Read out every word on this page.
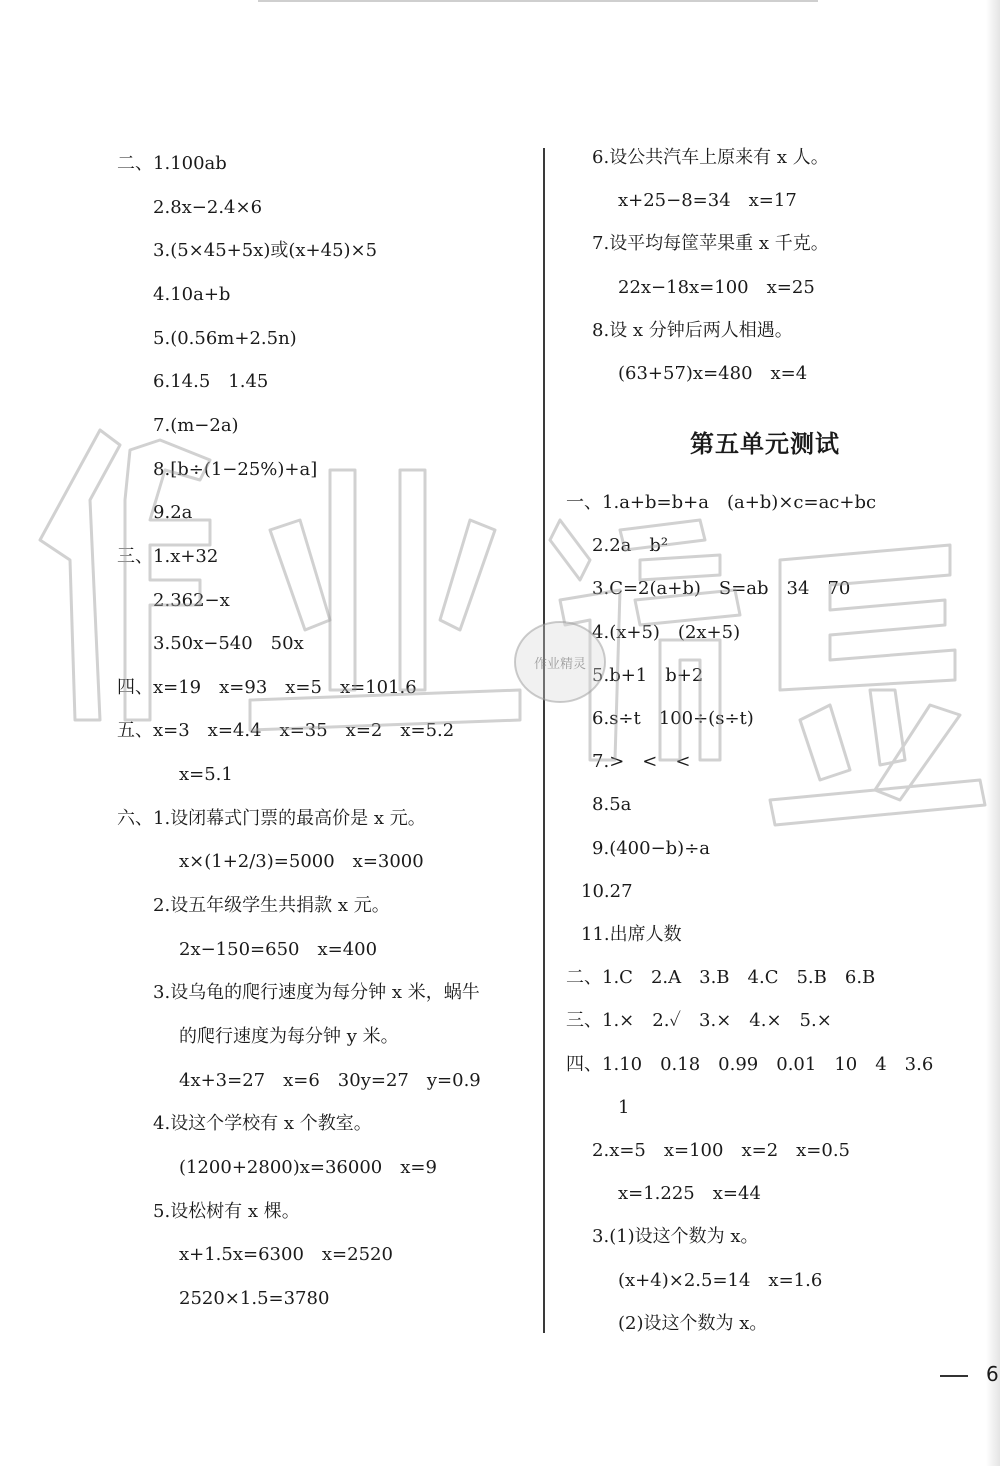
二、1.100ab
2.8x−2.4×6
3.(5×45+5x)或(x+45)×5
4.10a+b
5.(0.56m+2.5n)
6.14.5　1.45
7.(m−2a)
8.[b÷(1−25%)+a]
9.2a
三、1.x+32
2.362−x
3.50x−540　50x
四、x=19　x=93　x=5　x=101.6
五、x=3　x=4.4　x=35　x=2　x=5.2
x=5.1
六、1.设闭幕式门票的最高价是 x 元。
x×(1+2/3)=5000　x=3000
2.设五年级学生共捐款 x 元。
2x−150=650　x=400
3.设乌龟的爬行速度为每分钟 x 米，蜗牛
的爬行速度为每分钟 y 米。
4x+3=27　x=6　30y=27　y=0.9
4.设这个学校有 x 个教室。
(1200+2800)x=36000　x=9
5.设松树有 x 棵。
x+1.5x=6300　x=2520
2520×1.5=3780
6.设公共汽车上原来有 x 人。
x+25−8=34　x=17
7.设平均每筐苹果重 x 千克。
22x−18x=100　x=25
8.设 x 分钟后两人相遇。
(63+57)x=480　x=4
第五单元测试
一、1.a+b=b+a　(a+b)×c=ac+bc
2.2a　b²
3.C=2(a+b)　S=ab　34　70
4.(x+5)　(2x+5)
5.b+1　b+2
6.s÷t　100÷(s÷t)
7.>　<　<
8.5a
9.(400−b)÷a
10.27
11.出席人数
二、1.C　2.A　3.B　4.C　5.B　6.B
三、1.×　2.✓　3.×　4.×　5.×
四、1.10　0.18　0.99　0.01　10　4　3.6
1
2.x=5　x=100　x=2　x=0.5
x=1.225　x=44
3.(1)设这个数为 x。
(x+4)×2.5=14　x=1.6
(2)设这个数为 x。
作业精灵
6
